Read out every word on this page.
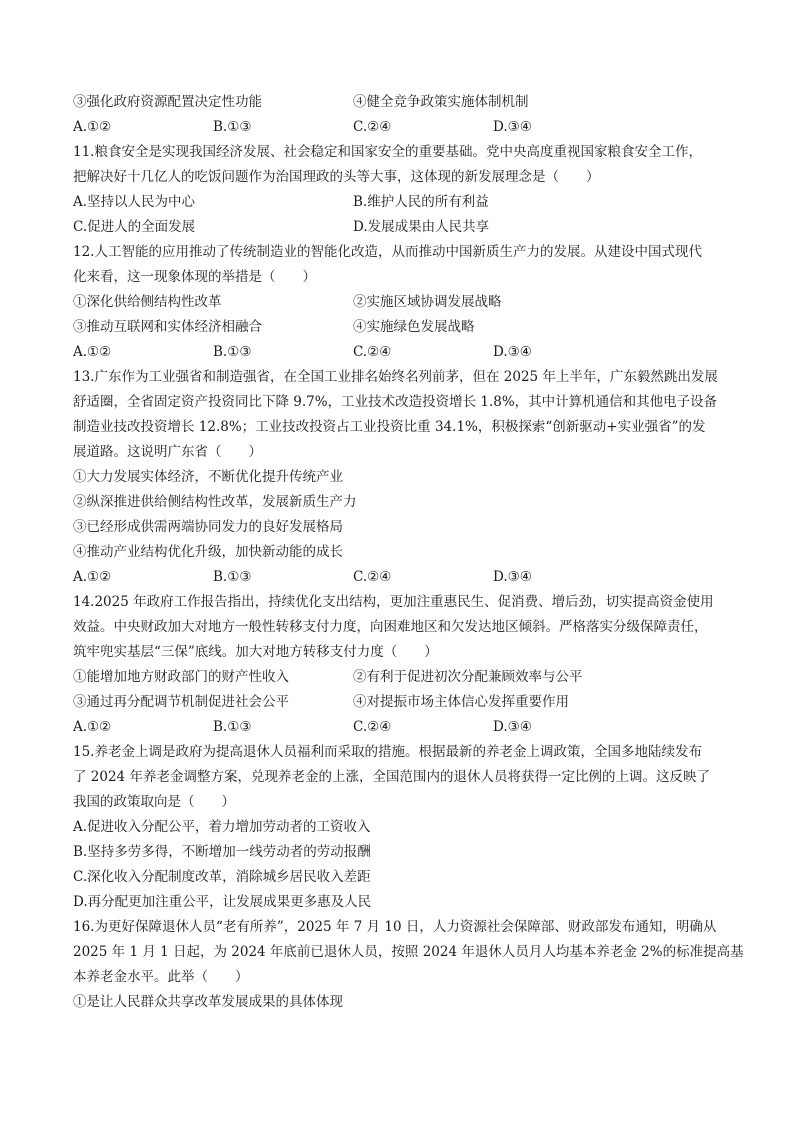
③强化政府资源配置决定性功能	④健全竞争政策实施体制机制
A.①②	B.①③	C.②④	D.③④
11.粮食安全是实现我国经济发展、社会稳定和国家安全的重要基础。党中央高度重视国家粮食安全工作，
把解决好十几亿人的吃饭问题作为治国理政的头等大事，这体现的新发展理念是（　　）
A.坚持以人民为中心	B.维护人民的所有利益
C.促进人的全面发展	D.发展成果由人民共享
12.人工智能的应用推动了传统制造业的智能化改造，从而推动中国新质生产力的发展。从建设中国式现代
化来看，这一现象体现的举措是（　　）
①深化供给侧结构性改革	②实施区域协调发展战略
③推动互联网和实体经济相融合	④实施绿色发展战略
A.①②	B.①③	C.②④	D.③④
13.广东作为工业强省和制造强省，在全国工业排名始终名列前茅，但在 2025 年上半年，广东毅然跳出发展
舒适圈，全省固定资产投资同比下降 9.7%，工业技术改造投资增长 1.8%，其中计算机通信和其他电子设备
制造业技改投资增长 12.8%；工业技改投资占工业投资比重 34.1%，积极探索“创新驱动+实业强省”的发
展道路。这说明广东省（　　）
①大力发展实体经济，不断优化提升传统产业
②纵深推进供给侧结构性改革，发展新质生产力
③已经形成供需两端协同发力的良好发展格局
④推动产业结构优化升级，加快新动能的成长
A.①②	B.①③	C.②④	D.③④
14.2025 年政府工作报告指出，持续优化支出结构，更加注重惠民生、促消费、增后劲，切实提高资金使用
效益。中央财政加大对地方一般性转移支付力度，向困难地区和欠发达地区倾斜。严格落实分级保障责任，
筑牢兜实基层“三保”底线。加大对地方转移支付力度（　　）
①能增加地方财政部门的财产性收入	②有利于促进初次分配兼顾效率与公平
③通过再分配调节机制促进社会公平	④对提振市场主体信心发挥重要作用
A.①②	B.①③	C.②④	D.③④
15.养老金上调是政府为提高退休人员福利而采取的措施。根据最新的养老金上调政策，全国多地陆续发布
了 2024 年养老金调整方案，兑现养老金的上涨，全国范围内的退休人员将获得一定比例的上调。这反映了
我国的政策取向是（　　）
A.促进收入分配公平，着力增加劳动者的工资收入
B.坚持多劳多得，不断增加一线劳动者的劳动报酬
C.深化收入分配制度改革，消除城乡居民收入差距
D.再分配更加注重公平，让发展成果更多惠及人民
16.为更好保障退休人员“老有所养”，2025 年 7 月 10 日，人力资源社会保障部、财政部发布通知，明确从
2025 年 1 月 1 日起，为 2024 年底前已退休人员，按照 2024 年退休人员月人均基本养老金 2%的标准提高基
本养老金水平。此举（　　）
①是让人民群众共享改革发展成果的具体体现
